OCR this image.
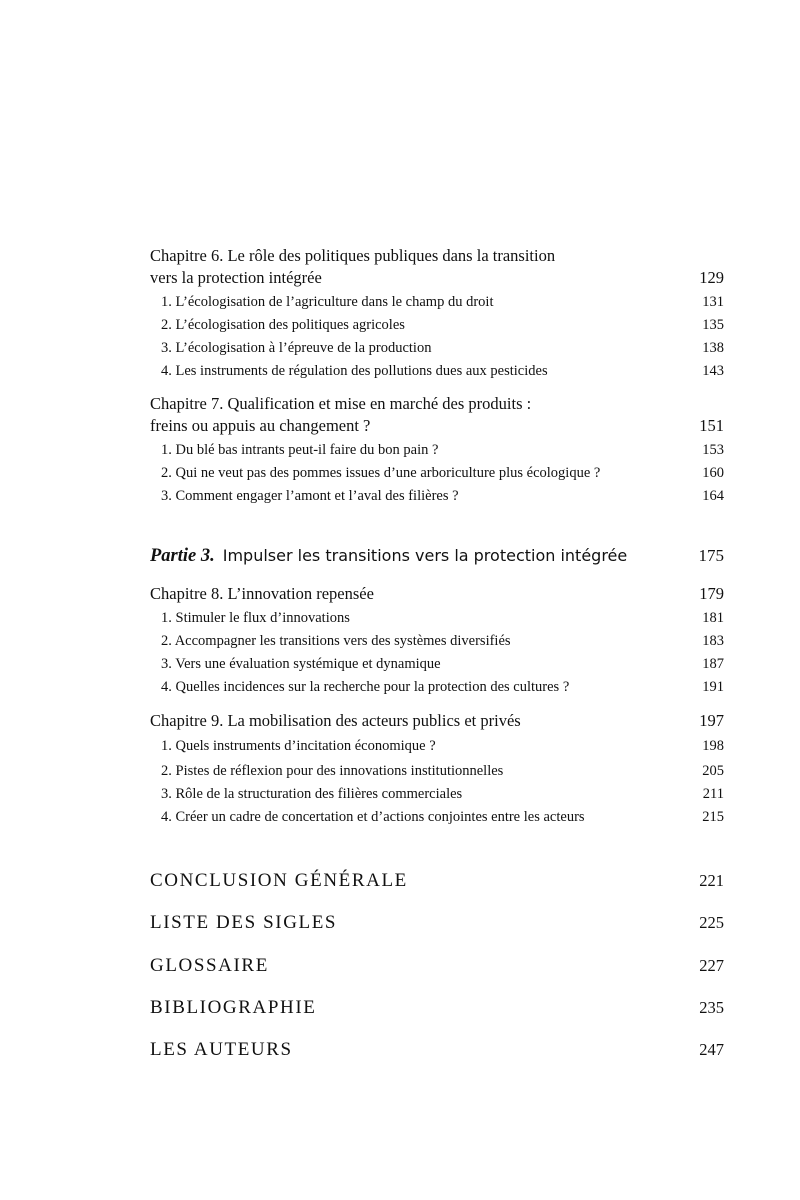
Chapitre 6. Le rôle des politiques publiques dans la transition
vers la protection intégrée	129
1. L’écologisation de l’agriculture dans le champ du droit	131
2. L’écologisation des politiques agricoles	135
3. L’écologisation à l’épreuve de la production	138
4. Les instruments de régulation des pollutions dues aux pesticides	143
Chapitre 7. Qualification et mise en marché des produits :
freins ou appuis au changement ?	151
1. Du blé bas intrants peut-il faire du bon pain ?	153
2. Qui ne veut pas des pommes issues d’une arboriculture plus écologique ?	160
3. Comment engager l’amont et l’aval des filières ?	164
Partie 3. Impulser les transitions vers la protection intégrée	175
Chapitre 8. L’innovation repensée	179
1. Stimuler le flux d’innovations	181
2. Accompagner les transitions vers des systèmes diversifiés	183
3. Vers une évaluation systémique et dynamique	187
4. Quelles incidences sur la recherche pour la protection des cultures ?	191
Chapitre 9. La mobilisation des acteurs publics et privés	197
1. Quels instruments d’incitation économique ?	198
2. Pistes de réflexion pour des innovations institutionnelles	205
3. Rôle de la structuration des filières commerciales	211
4. Créer un cadre de concertation et d’actions conjointes entre les acteurs	215
CONCLUSION GÉNÉRALE	221
LISTE DES SIGLES	225
GLOSSAIRE	227
BIBLIOGRAPHIE	235
LES AUTEURS	247
